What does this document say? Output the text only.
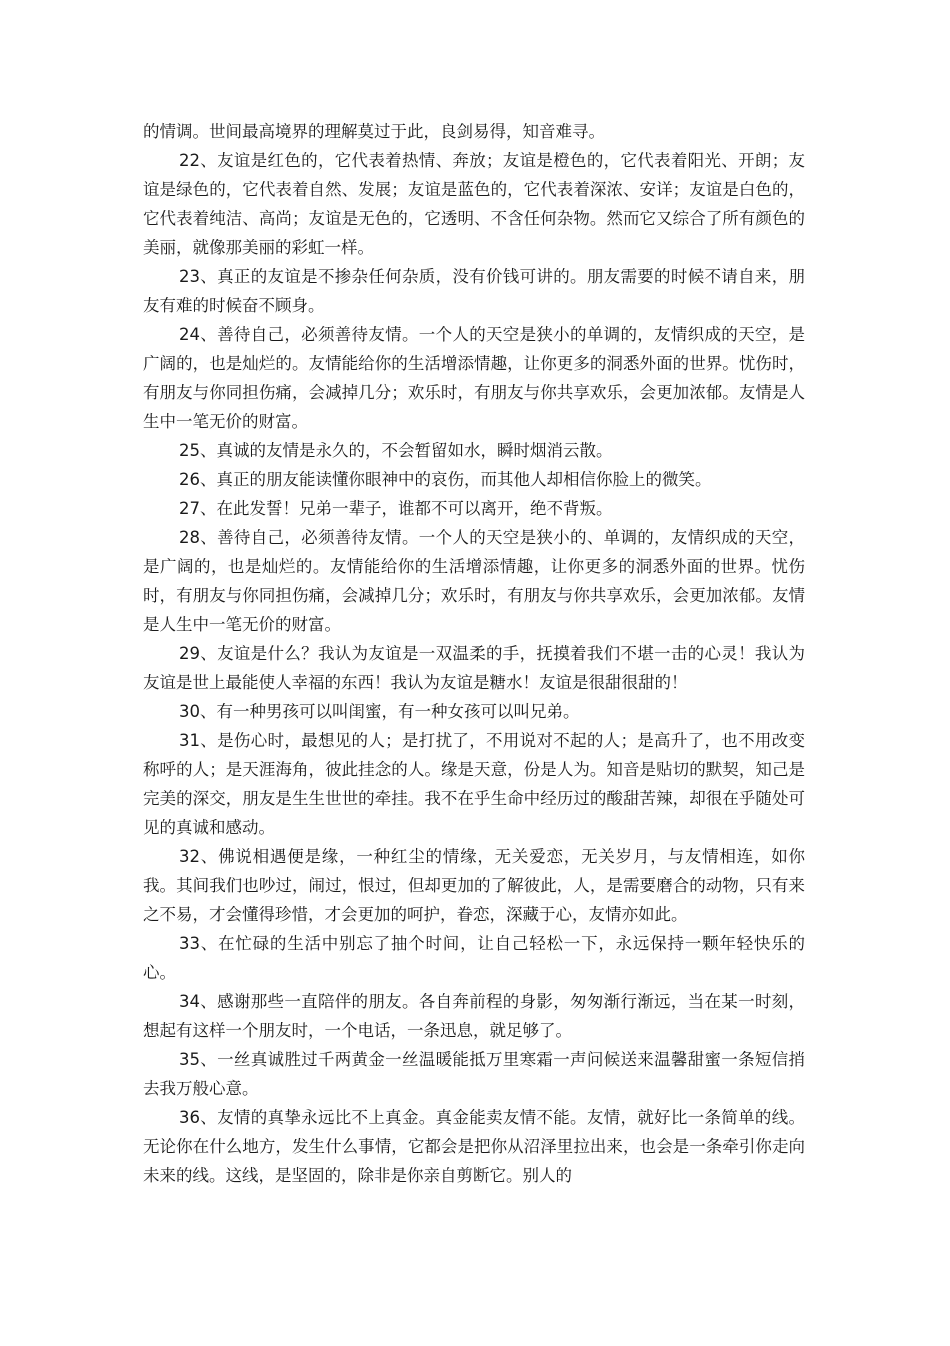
的情调。世间最高境界的理解莫过于此，良剑易得，知音难寻。

22、友谊是红色的，它代表着热情、奔放；友谊是橙色的，它代表着阳光、开朗；友谊是绿色的，它代表着自然、发展；友谊是蓝色的，它代表着深浓、安详；友谊是白色的，它代表着纯洁、高尚；友谊是无色的，它透明、不含任何杂物。然而它又综合了所有颜色的美丽，就像那美丽的彩虹一样。

23、真正的友谊是不掺杂任何杂质，没有价钱可讲的。朋友需要的时候不请自来，朋友有难的时候奋不顾身。

24、善待自己，必须善待友情。一个人的天空是狭小的单调的，友情织成的天空，是广阔的，也是灿烂的。友情能给你的生活增添情趣，让你更多的洞悉外面的世界。忧伤时，有朋友与你同担伤痛，会减掉几分；欢乐时，有朋友与你共享欢乐，会更加浓郁。友情是人生中一笔无价的财富。

25、真诚的友情是永久的，不会暂留如水，瞬时烟消云散。

26、真正的朋友能读懂你眼神中的哀伤，而其他人却相信你脸上的微笑。

27、在此发誓！兄弟一辈子，谁都不可以离开，绝不背叛。

28、善待自己，必须善待友情。一个人的天空是狭小的、单调的，友情织成的天空，是广阔的，也是灿烂的。友情能给你的生活增添情趣，让你更多的洞悉外面的世界。忧伤时，有朋友与你同担伤痛，会减掉几分；欢乐时，有朋友与你共享欢乐，会更加浓郁。友情是人生中一笔无价的财富。

29、友谊是什么？我认为友谊是一双温柔的手，抚摸着我们不堪一击的心灵！我认为友谊是世上最能使人幸福的东西！我认为友谊是糖水！友谊是很甜很甜的！

30、有一种男孩可以叫闺蜜，有一种女孩可以叫兄弟。

31、是伤心时，最想见的人；是打扰了，不用说对不起的人；是高升了，也不用改变称呼的人；是天涯海角，彼此挂念的人。缘是天意，份是人为。知音是贴切的默契，知己是完美的深交，朋友是生生世世的牵挂。我不在乎生命中经历过的酸甜苦辣，却很在乎随处可见的真诚和感动。

32、佛说相遇便是缘，一种红尘的情缘，无关爱恋，无关岁月，与友情相连，如你我。其间我们也吵过，闹过，恨过，但却更加的了解彼此，人，是需要磨合的动物，只有来之不易，才会懂得珍惜，才会更加的呵护，眷恋，深藏于心，友情亦如此。

33、在忙碌的生活中别忘了抽个时间，让自己轻松一下，永远保持一颗年轻快乐的心。

34、感谢那些一直陪伴的朋友。各自奔前程的身影，匆匆渐行渐远，当在某一时刻，想起有这样一个朋友时，一个电话，一条迅息，就足够了。

35、一丝真诚胜过千两黄金一丝温暖能抵万里寒霜一声问候送来温馨甜蜜一条短信捎去我万般心意。

36、友情的真挚永远比不上真金。真金能卖友情不能。友情，就好比一条简单的线。无论你在什么地方，发生什么事情，它都会是把你从沼泽里拉出来，也会是一条牵引你走向未来的线。这线，是坚固的，除非是你亲自剪断它。别人的
